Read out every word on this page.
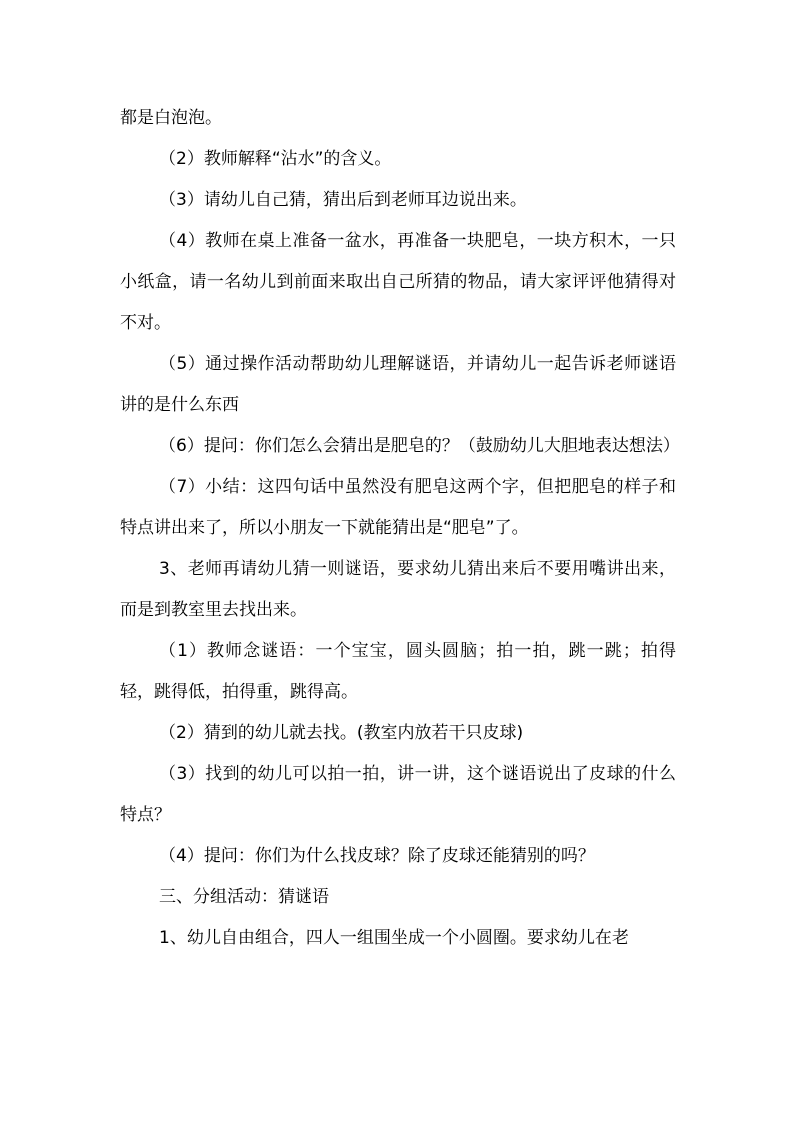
都是白泡泡。

（2）教师解释“沾水”的含义。

（3）请幼儿自己猜，猜出后到老师耳边说出来。

（4）教师在桌上准备一盆水，再准备一块肥皂，一块方积木，一只小纸盒，请一名幼儿到前面来取出自己所猜的物品，请大家评评他猜得对不对。

（5）通过操作活动帮助幼儿理解谜语，并请幼儿一起告诉老师谜语讲的是什么东西

（6）提问：你们怎么会猜出是肥皂的？（鼓励幼儿大胆地表达想法）

（7）小结：这四句话中虽然没有肥皂这两个字，但把肥皂的样子和特点讲出来了，所以小朋友一下就能猜出是“肥皂”了。

3、老师再请幼儿猜一则谜语，要求幼儿猜出来后不要用嘴讲出来，而是到教室里去找出来。

（1）教师念谜语：一个宝宝，圆头圆脑；拍一拍，跳一跳；拍得轻，跳得低，拍得重，跳得高。

（2）猜到的幼儿就去找。(教室内放若干只皮球)

（3）找到的幼儿可以拍一拍，讲一讲，这个谜语说出了皮球的什么特点？

（4）提问：你们为什么找皮球？除了皮球还能猜别的吗？

三、分组活动：猜谜语

1、幼儿自由组合，四人一组围坐成一个小圆圈。要求幼儿在老
